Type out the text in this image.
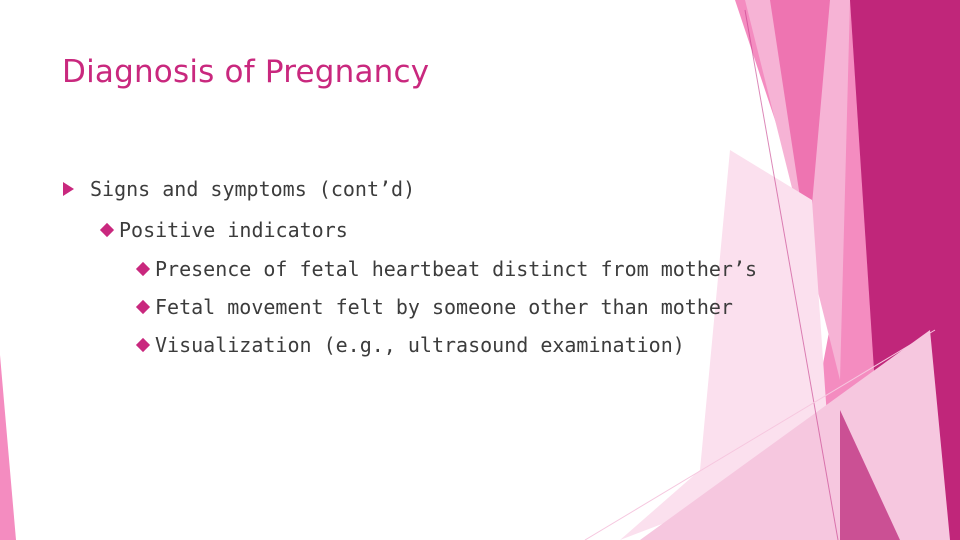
Diagnosis of Pregnancy
Signs and symptoms (cont’d)
Positive indicators
Presence of fetal heartbeat distinct from mother’s
Fetal movement felt by someone other than mother
Visualization (e.g., ultrasound examination)
